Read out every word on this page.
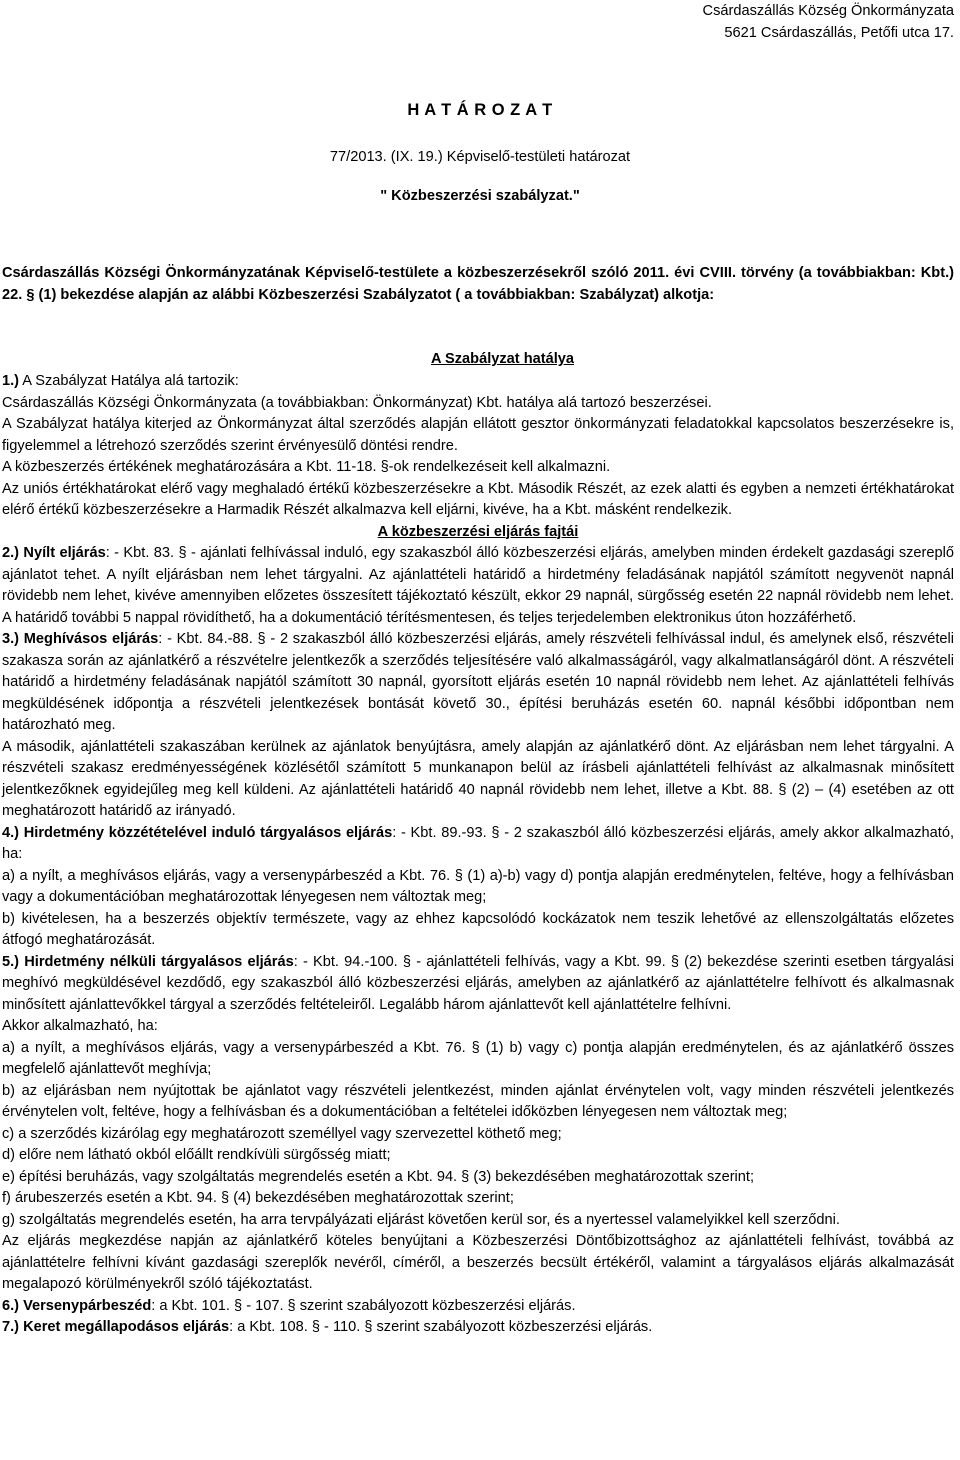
Csárdaszállás Község Önkormányzata
5621 Csárdaszállás, Petőfi utca 17.
H A T Á R O Z A T
77/2013. (IX. 19.) Képviselő-testületi határozat
" Közbeszerzési szabályzat."
Csárdaszállás Községi Önkormányzatának Képviselő-testülete a közbeszerzésekről szóló 2011. évi CVIII. törvény (a továbbiakban: Kbt.) 22. § (1) bekezdése alapján az alábbi Közbeszerzési Szabályzatot ( a továbbiakban: Szabályzat) alkotja:
A Szabályzat hatálya

1.) A Szabályzat Hatálya alá tartozik:

Csárdaszállás Községi Önkormányzata (a továbbiakban: Önkormányzat) Kbt. hatálya alá tartozó beszerzései.

A Szabályzat hatálya kiterjed az Önkormányzat által szerződés alapján ellátott gesztor önkormányzati feladatokkal kapcsolatos beszerzésekre is, figyelemmel a létrehozó szerződés szerint érvényesülő döntési rendre.

A közbeszerzés értékének meghatározására a Kbt. 11-18. §-ok rendelkezéseit kell alkalmazni.

Az uniós értékhatárokat elérő vagy meghaladó értékű közbeszerzésekre a Kbt. Második Részét, az ezek alatti és egyben a nemzeti értékhatárokat elérő értékű közbeszerzésekre a Harmadik Részét alkalmazva kell eljárni, kivéve, ha a Kbt. másként rendelkezik.

A közbeszerzési eljárás fajtái

2.) Nyílt eljárás: - Kbt. 83. § - ajánlati felhívással induló, egy szakaszból álló közbeszerzési eljárás, amelyben minden érdekelt gazdasági szereplő ajánlatot tehet. A nyílt eljárásban nem lehet tárgyalni. Az ajánlattételi határidő a hirdetmény feladásának napjától számított negyvenöt napnál rövidebb nem lehet, kivéve amennyiben előzetes összesített tájékoztató készült, ekkor 29 napnál, sürgősség esetén 22 napnál rövidebb nem lehet. A határidő további 5 nappal rövidíthető, ha a dokumentáció térítésmentesen, és teljes terjedelemben elektronikus úton hozzáférhető.

3.) Meghívásos eljárás: - Kbt. 84.-88. § - 2 szakaszból álló közbeszerzési eljárás, amely részvételi felhívással indul, és amelynek első, részvételi szakasza során az ajánlatkérő a részvételre jelentkezők a szerződés teljesítésére való alkalmasságáról, vagy alkalmatlanságáról dönt. A részvételi határidő a hirdetmény feladásának napjától számított 30 napnál, gyorsított eljárás esetén 10 napnál rövidebb nem lehet. Az ajánlattételi felhívás megküldésének időpontja a részvételi jelentkezések bontását követő 30., építési beruházás esetén 60. napnál későbbi időpontban nem határozható meg.

A második, ajánlattételi szakaszában kerülnek az ajánlatok benyújtásra, amely alapján az ajánlatkérő dönt. Az eljárásban nem lehet tárgyalni. A részvételi szakasz eredményességének közlésétől számított 5 munkanapon belül az írásbeli ajánlattételi felhívást az alkalmasnak minősített jelentkezőknek egyidejűleg meg kell küldeni. Az ajánlattételi határidő 40 napnál rövidebb nem lehet, illetve a Kbt. 88. § (2) – (4) esetében az ott meghatározott határidő az irányadó.

4.) Hirdetmény közzétételével induló tárgyalásos eljárás: - Kbt. 89.-93. § - 2 szakaszból álló közbeszerzési eljárás, amely akkor alkalmazható, ha:

a) a nyílt, a meghívásos eljárás, vagy a versenypárbeszéd a Kbt. 76. § (1) a)-b) vagy d) pontja alapján eredménytelen, feltéve, hogy a felhívásban vagy a dokumentációban meghatározottak lényegesen nem változtak meg;

b) kivételesen, ha a beszerzés objektív természete, vagy az ehhez kapcsolódó kockázatok nem teszik lehetővé az ellenszolgáltatás előzetes átfogó meghatározását.

5.) Hirdetmény nélküli tárgyalásos eljárás: - Kbt. 94.-100. § - ajánlattételi felhívás, vagy a Kbt. 99. § (2) bekezdése szerinti esetben tárgyalási meghívó megküldésével kezdődő, egy szakaszból álló közbeszerzési eljárás, amelyben az ajánlatkérő az ajánlattételre felhívott és alkalmasnak minősített ajánlattevőkkel tárgyal a szerződés feltételeiről. Legalább három ajánlattevőt kell ajánlattételre felhívni.

Akkor alkalmazható, ha:

a) a nyílt, a meghívásos eljárás, vagy a versenypárbeszéd a Kbt. 76. § (1) b) vagy c) pontja alapján eredménytelen, és az ajánlatkérő összes megfelelő ajánlattevőt meghívja;

b) az eljárásban nem nyújtottak be ajánlatot vagy részvételi jelentkezést, minden ajánlat érvénytelen volt, vagy minden részvételi jelentkezés érvénytelen volt, feltéve, hogy a felhívásban és a dokumentációban a feltételei időközben lényegesen nem változtak meg;

c) a szerződés kizárólag egy meghatározott személlyel vagy szervezettel köthető meg;

d) előre nem látható okból előállt rendkívüli sürgősség miatt;

e) építési beruházás, vagy szolgáltatás megrendelés esetén a Kbt. 94. § (3) bekezdésében meghatározottak szerint;

f) árubeszerzés esetén a Kbt. 94. § (4) bekezdésében meghatározottak szerint;

g) szolgáltatás megrendelés esetén, ha arra tervpályázati eljárást követően kerül sor, és a nyertessel valamelyikkel kell szerződni.

Az eljárás megkezdése napján az ajánlatkérő köteles benyújtani a Közbeszerzési Döntőbizottsághoz az ajánlattételi felhívást, továbbá az ajánlattételre felhívni kívánt gazdasági szereplők nevéről, címéről, a beszerzés becsült értékéről, valamint a tárgyalásos eljárás alkalmazását megalapozó körülményekről szóló tájékoztatást.

6.) Versenypárbeszéd: a Kbt. 101. § - 107. § szerint szabályozott közbeszerzési eljárás.

7.) Keret megállapodásos eljárás: a Kbt. 108. § - 110. § szerint szabályozott közbeszerzési eljárás.
